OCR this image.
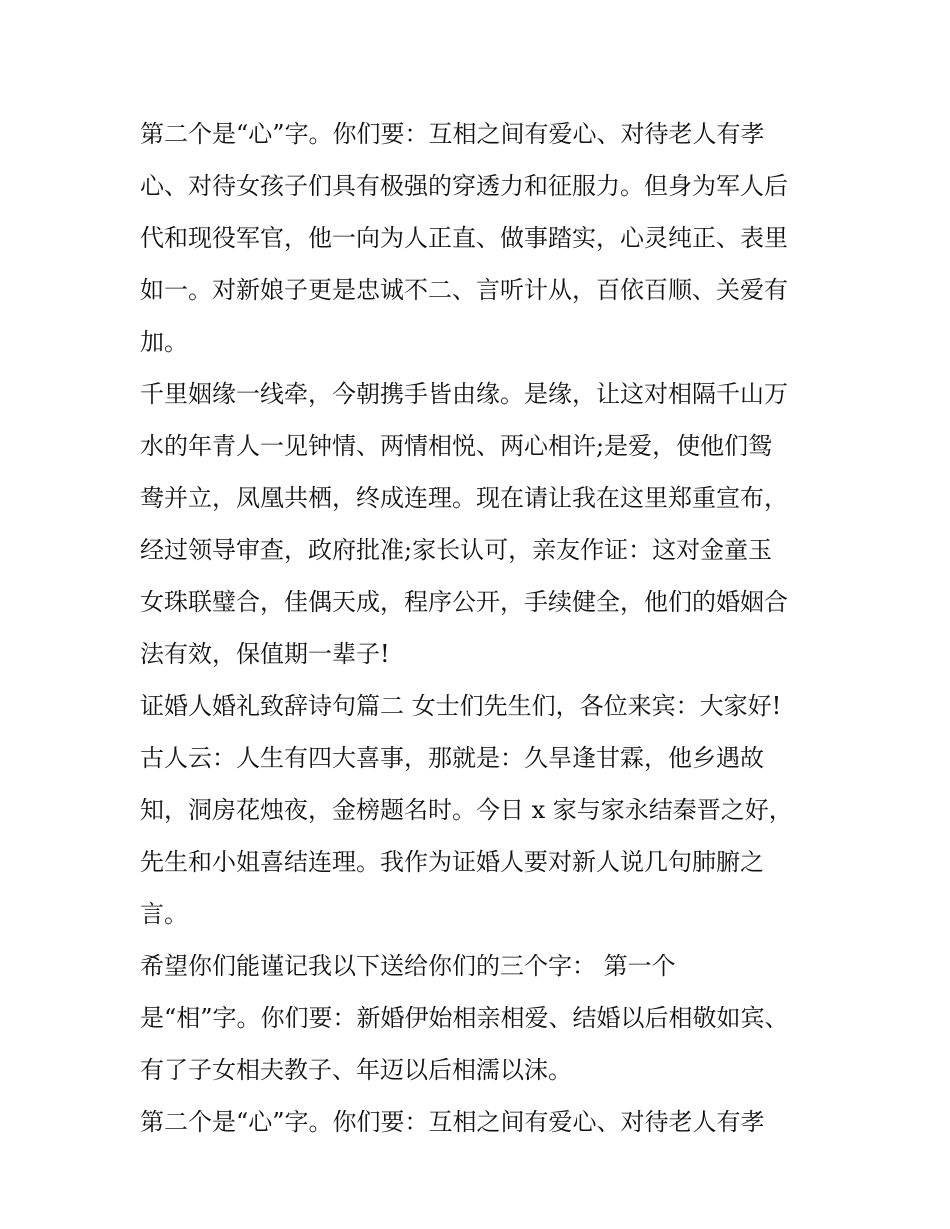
第二个是“心”字。你们要：互相之间有爱心、对待老人有孝
心、对待女孩子们具有极强的穿透力和征服力。但身为军人后
代和现役军官，他一向为人正直、做事踏实，心灵纯正、表里
如一。对新娘子更是忠诚不二、言听计从，百依百顺、关爱有
加。
千里姻缘一线牵，今朝携手皆由缘。是缘，让这对相隔千山万
水的年青人一见钟情、两情相悦、两心相许;是爱，使他们鸳
鸯并立，凤凰共栖，终成连理。现在请让我在这里郑重宣布，
经过领导审查，政府批准;家长认可，亲友作证：这对金童玉
女珠联璧合，佳偶天成，程序公开，手续健全，他们的婚姻合
法有效，保值期一辈子!
证婚人婚礼致辞诗句篇二 女士们先生们，各位来宾：大家好!
古人云：人生有四大喜事，那就是：久旱逢甘霖，他乡遇故
知，洞房花烛夜，金榜题名时。今日 x 家与家永结秦晋之好，
先生和小姐喜结连理。我作为证婚人要对新人说几句肺腑之
言。
希望你们能谨记我以下送给你们的三个字： 第一个
是“相”字。你们要：新婚伊始相亲相爱、结婚以后相敬如宾、
有了子女相夫教子、年迈以后相濡以沫。
第二个是“心”字。你们要：互相之间有爱心、对待老人有孝
